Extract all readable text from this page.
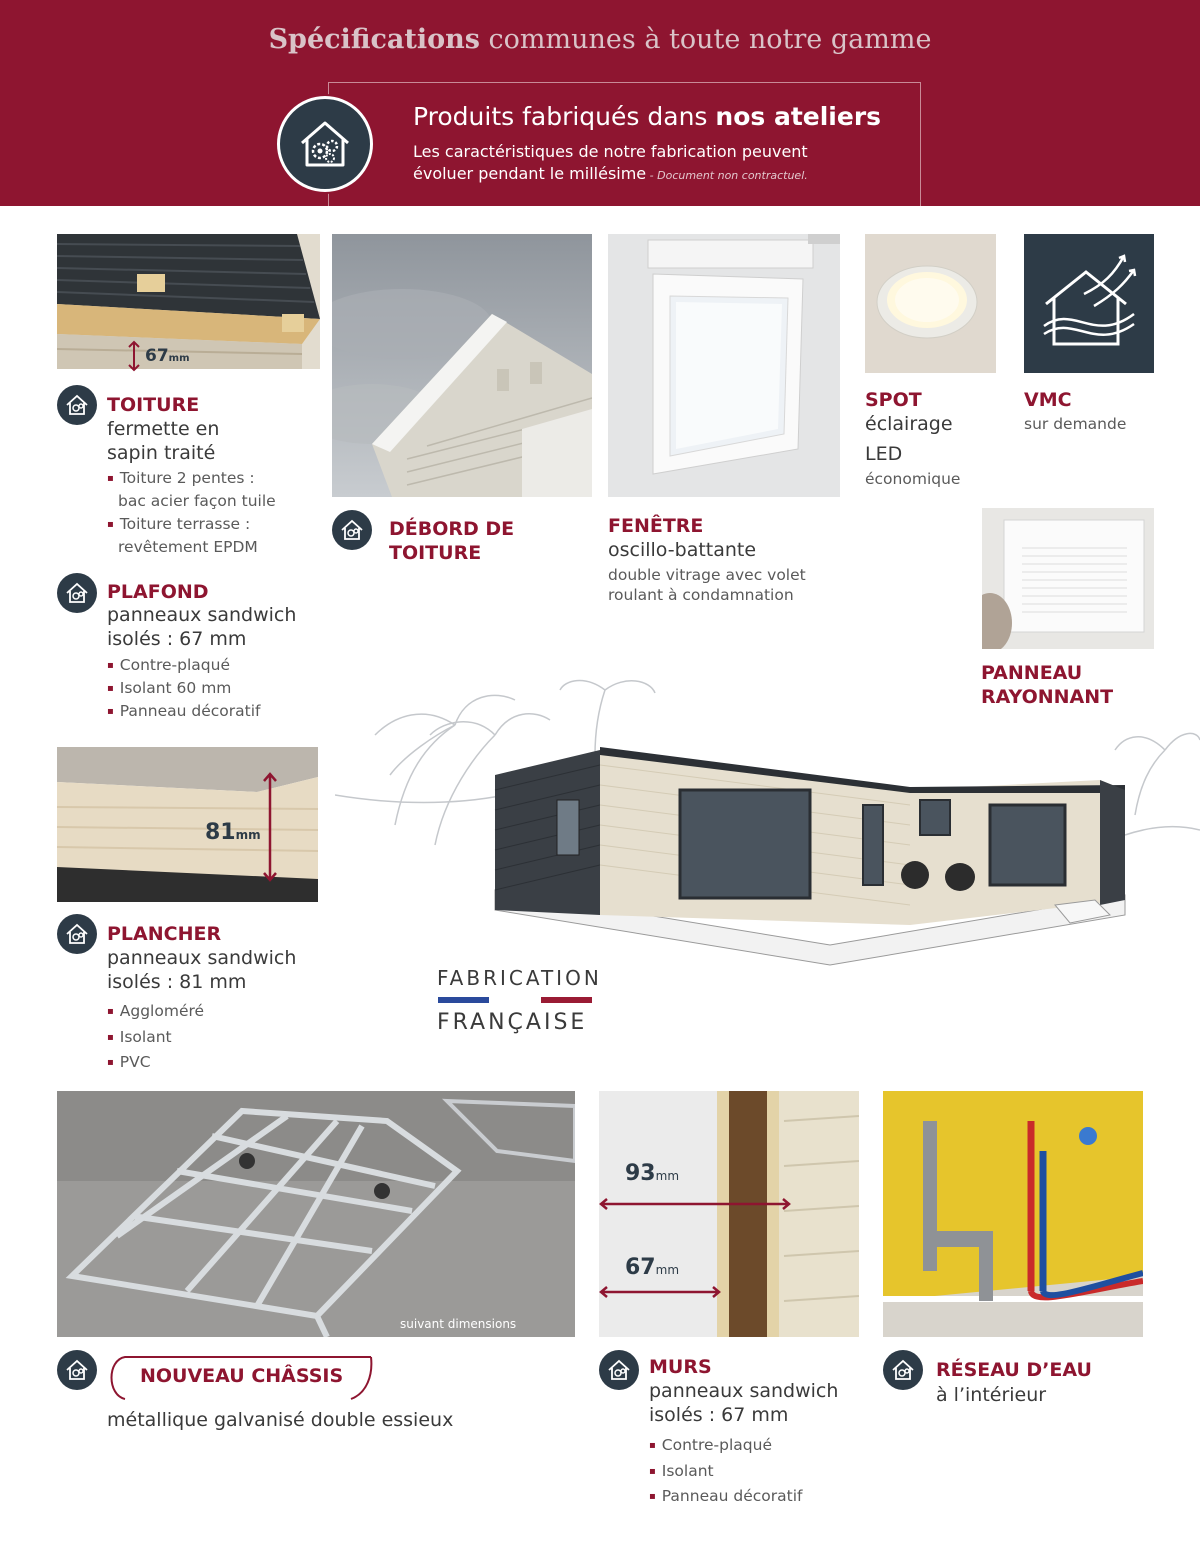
Spécifications communes à toute notre gamme
Produits fabriqués dans nos ateliers
Les caractéristiques de notre fabrication peuvent
évoluer pendant le millésime - Document non contractuel.
67mm
TOITURE
fermette en
sapin traité
▪ Toiture 2 pentes :
bac acier façon tuile
▪ Toiture terrasse :
revêtement EPDM
PLAFOND
panneaux sandwich
isolés : 67 mm
▪ Contre-plaqué
▪ Isolant 60 mm
▪ Panneau décoratif
DÉBORD DE
TOITURE
FENÊTRE
oscillo-battante
double vitrage avec volet
roulant à condamnation
SPOT
éclairage
LED
économique
VMC
sur demande
PANNEAU
RAYONNANT
81mm
PLANCHER
panneaux sandwich
isolés : 81 mm
▪ Aggloméré
▪ Isolant
▪ PVC
FABRICATION
FRANÇAISE
suivant dimensions
NOUVEAU CHÂSSIS
métallique galvanisé double essieux
93mm
67mm
MURS
panneaux sandwich
isolés : 67 mm
▪ Contre-plaqué
▪ Isolant
▪ Panneau décoratif
RÉSEAU D’EAU
à l’intérieur
